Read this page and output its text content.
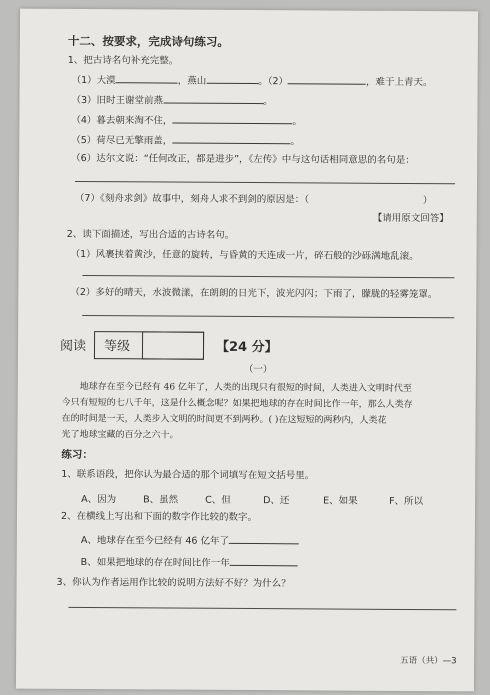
十二、按要求，完成诗句练习。
1、把古诗名句补充完整。
（1）大漠	，燕山	。（2）	，难于上青天。
（3）旧时王谢堂前燕	。
（4）暮去朝来淘不住，	。
（5）荷尽已无擎雨盖，	。
（6）达尔文说：“任何改正，都是进步”，《左传》中与这句话相同意思的名句是：
（7）《刻舟求剑》故事中，刻舟人求不到剑的原因是：（	）
【请用原文回答】
2、读下面描述，写出合适的古诗名句。
（1）风裹挟着黄沙，任意的旋转，与昏黄的天连成一片，碎石般的沙砾满地乱滚。
（2）多好的晴天，水波微漾，在朗朗的日光下，波光闪闪；下雨了，朦胧的轻雾笼罩。
阅读 等级	【24 分】
（一）
地球存在至今已经有 46 亿年了，人类的出现只有很短的时间，人类进入文明时代至
今只有短短的七八千年，这是什么概念呢？如果把地球的存在时间比作一年，那么人类存
在的时间是一天，人类步入文明的时间更不到两秒。( )在这短短的两秒内，人类花
光了地球宝藏的百分之六十。
练习：
1、联系语段，把你认为最合适的那个词填写在短文括号里。
A、因为	B、虽然	C、但	D、还	E、如果	F、所以
2、在横线上写出和下面的数字作比较的数字。
A、地球存在至今已经有 46 亿年了
B、如果把地球的存在时间比作一年
3、你认为作者运用作比较的说明方法好不好？为什么？
五语（共）—3
